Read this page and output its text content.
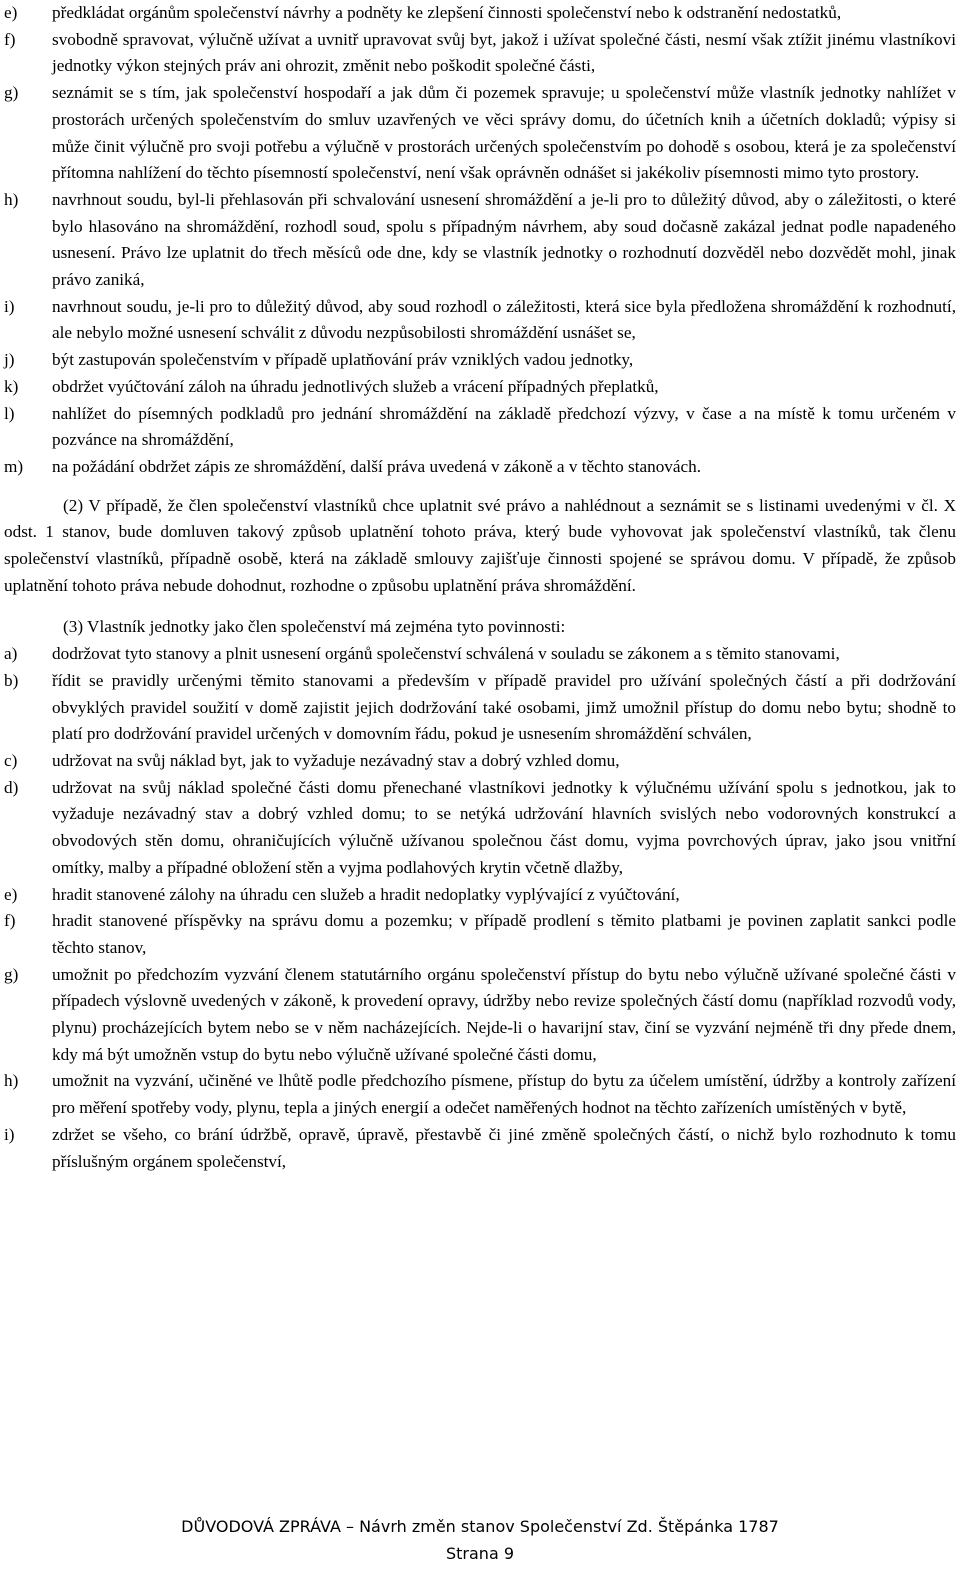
e)	předkládat orgánům společenství návrhy a podněty ke zlepšení činnosti společenství nebo k odstranění nedostatků,
f)	svobodně spravovat, výlučně užívat a uvnitř upravovat svůj byt, jakož i užívat společné části, nesmí však ztížit jinému vlastníkovi jednotky výkon stejných práv ani ohrozit, změnit nebo poškodit společné části,
g)	seznámit se s tím, jak společenství hospodaří a jak dům či pozemek spravuje; u společenství může vlastník jednotky nahlížet v prostorách určených společenstvím do smluv uzavřených ve věci správy domu, do účetních knih a účetních dokladů; výpisy si může činit výlučně pro svoji potřebu a výlučně v prostorách určených společenstvím po dohodě s osobou, která je za společenství přítomna nahlížení do těchto písemností společenství, není však oprávněn odnášet si jakékoliv písemnosti mimo tyto prostory.
h)	navrhnout soudu, byl-li přehlasován při schvalování usnesení shromáždění a je-li pro to důležitý důvod, aby o záležitosti, o které bylo hlasováno na shromáždění, rozhodl soud, spolu s případným návrhem, aby soud dočasně zakázal jednat podle napadeného usnesení. Právo lze uplatnit do třech měsíců ode dne, kdy se vlastník jednotky o rozhodnutí dozvěděl nebo dozvědět mohl, jinak právo zaniká,
i)	navrhnout soudu, je-li pro to důležitý důvod, aby soud rozhodl o záležitosti, která sice byla předložena shromáždění k rozhodnutí, ale nebylo možné usnesení schválit z důvodu nezpůsobilosti shromáždění usnášet se,
j)	být zastupován společenstvím v případě uplatňování práv vzniklých vadou jednotky,
k)	obdržet vyúčtování záloh na úhradu jednotlivých služeb a vrácení případných přeplatků,
l)	nahlížet do písemných podkladů pro jednání shromáždění na základě předchozí výzvy, v čase a na místě k tomu určeném v pozvánce na shromáždění,
m)	na požádání obdržet zápis ze shromáždění, další práva uvedená v zákoně a v těchto stanovách.

(2) V případě, že člen společenství vlastníků chce uplatnit své právo a nahlédnout a seznámit se s listinami uvedenými v čl. X odst. 1 stanov, bude domluven takový způsob uplatnění tohoto práva, který bude vyhovovat jak společenství vlastníků, tak členu společenství vlastníků, případně osobě, která na základě smlouvy zajišťuje činnosti spojené se správou domu. V případě, že způsob uplatnění tohoto práva nebude dohodnut, rozhodne o způsobu uplatnění práva shromáždění.

(3) Vlastník jednotky jako člen společenství má zejména tyto povinnosti:

a)	dodržovat tyto stanovy a plnit usnesení orgánů společenství schválená v souladu se zákonem a s těmito stanovami,
b)	řídit se pravidly určenými těmito stanovami a především v případě pravidel pro užívání společných částí a při dodržování obvyklých pravidel soužití v domě zajistit jejich dodržování také osobami, jimž umožnil přístup do domu nebo bytu; shodně to platí pro dodržování pravidel určených v domovním řádu, pokud je usnesením shromáždění schválen,
c)	udržovat na svůj náklad byt, jak to vyžaduje nezávadný stav a dobrý vzhled domu,
d)	udržovat na svůj náklad společné části domu přenechané vlastníkovi jednotky k výlučnému užívání spolu s jednotkou, jak to vyžaduje nezávadný stav a dobrý vzhled domu; to se netýká udržování hlavních svislých nebo vodorovných konstrukcí a obvodových stěn domu, ohraničujících výlučně užívanou společnou část domu, vyjma povrchových úprav, jako jsou vnitřní omítky, malby a případné obložení stěn a vyjma podlahových krytin včetně dlažby,
e)	hradit stanovené zálohy na úhradu cen služeb a hradit nedoplatky vyplývající z vyúčtování,
f)	hradit stanovené příspěvky na správu domu a pozemku; v případě prodlení s těmito platbami je povinen zaplatit sankci podle těchto stanov,
g)	umožnit po předchozím vyzvání členem statutárního orgánu společenství přístup do bytu nebo výlučně užívané společné části v případech výslovně uvedených v zákoně, k provedení opravy, údržby nebo revize společných částí domu (například rozvodů vody, plynu) procházejících bytem nebo se v něm nacházejících. Nejde-li o havarijní stav, činí se vyzvání nejméně tři dny přede dnem, kdy má být umožněn vstup do bytu nebo výlučně užívané společné části domu,
h)	umožnit na vyzvání, učiněné ve lhůtě podle předchozího písmene, přístup do bytu za účelem umístění, údržby a kontroly zařízení pro měření spotřeby vody, plynu, tepla a jiných energií a odečet naměřených hodnot na těchto zařízeních umístěných v bytě,
i)	zdržet se všeho, co brání údržbě, opravě, úpravě, přestavbě či jiné změně společných částí, o nichž bylo rozhodnuto k tomu příslušným orgánem společenství,
DŮVODOVÁ ZPRÁVA – Návrh změn stanov Společenství Zd. Štěpánka 1787
Strana 9
